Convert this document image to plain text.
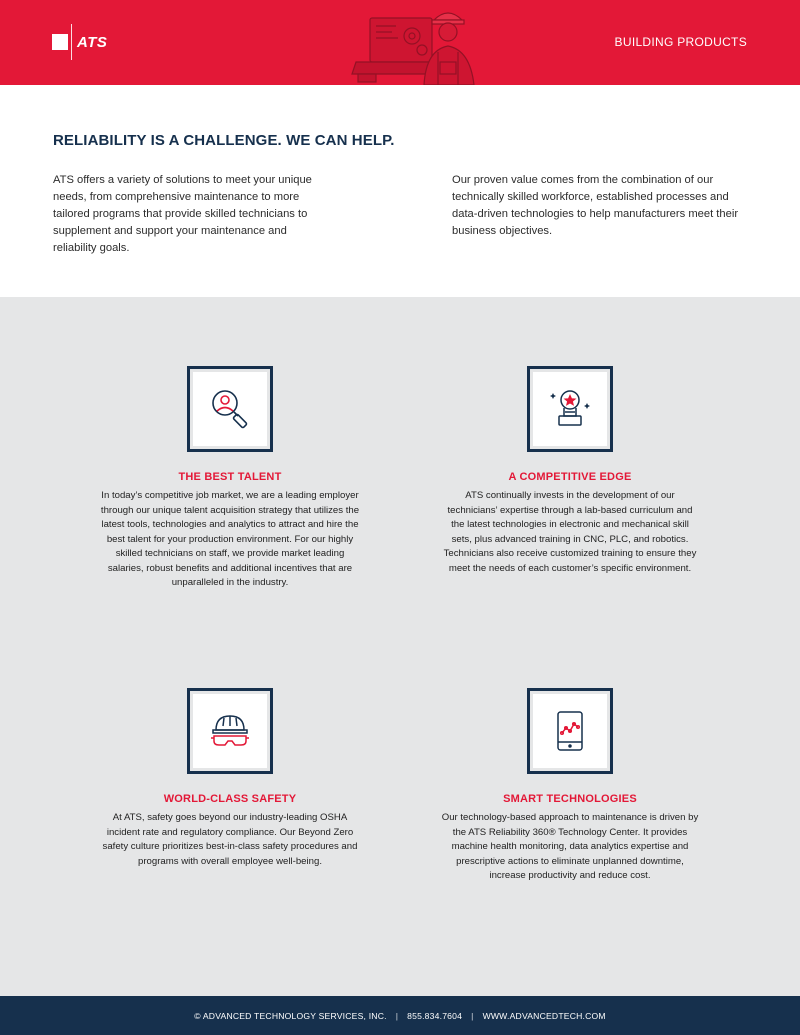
ATS	BUILDING PRODUCTS
RELIABILITY IS A CHALLENGE. WE CAN HELP.

ATS offers a variety of solutions to meet your unique needs, from comprehensive maintenance to more tailored programs that provide skilled technicians to supplement and support your maintenance and reliability goals.

Our proven value comes from the combination of our technically skilled workforce, established processes and data-driven technologies to help manufacturers meet their business objectives.

THE BEST TALENT

In today’s competitive job market, we are a leading employer through our unique talent acquisition strategy that utilizes the latest tools, technologies and analytics to attract and hire the best talent for your production environment. For our highly skilled technicians on staff, we provide market leading salaries, robust benefits and additional incentives that are unparalleled in the industry.

A COMPETITIVE EDGE

ATS continually invests in the development of our technicians’ expertise through a lab-based curriculum and the latest technologies in electronic and mechanical skill sets, plus advanced training in CNC, PLC, and robotics. Technicians also receive customized training to ensure they meet the needs of each customer’s specific environment.

WORLD-CLASS SAFETY

At ATS, safety goes beyond our industry-leading OSHA incident rate and regulatory compliance. Our Beyond Zero safety culture prioritizes best-in-class safety procedures and programs with overall employee well-being.

SMART TECHNOLOGIES

Our technology-based approach to maintenance is driven by the ATS Reliability 360® Technology Center. It provides machine health monitoring, data analytics expertise and prescriptive actions to eliminate unplanned downtime, increase productivity and reduce cost.

© ADVANCED TECHNOLOGY SERVICES, INC. | 855.834.7604 | WWW.ADVANCEDTECH.COM
